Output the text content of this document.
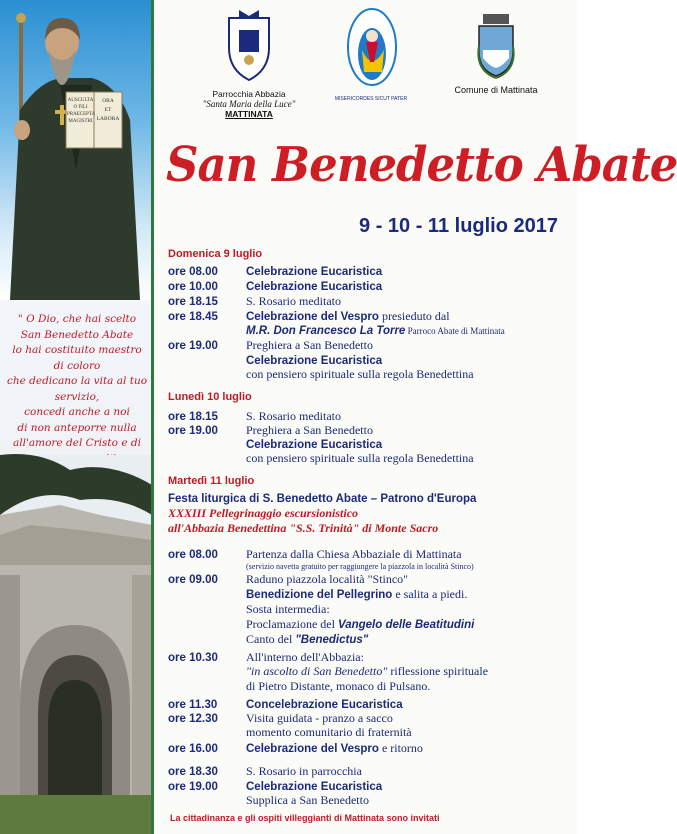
AUSCULTA
O FILI
PRAECEPTA
MAGISTRI
ORA
ET
LABORA
" O Dio, che hai scelto
San Benedetto Abate
lo hai costituito maestro di coloro
che dedicano la vita al tuo servizio,
concedi anche a noi
di non anteporre nulla
all'amore del Cristo e di
Parrocchia Abbazia
"Santa Maria della Luce"
MATTINATA
MISERICORDES SICUT PATER
Comune di Mattinata
San Benedetto Abate
9 - 10 - 11 luglio 2017
Domenica 9 luglio
ore 08.00 Celebrazione Eucaristica
ore 10.00 Celebrazione Eucaristica
ore 18.15 S. Rosario meditato
ore 18.45 Celebrazione del Vespro presieduto dal
M.R. Don Francesco La Torre Parroco Abate di Mattinata
ore 19.00 Preghiera a San Benedetto
Celebrazione Eucaristica
con pensiero spirituale sulla regola Benedettina
Lunedì 10 luglio
ore 18.15 S. Rosario meditato
ore 19.00 Preghiera a San Benedetto
Celebrazione Eucaristica
con pensiero spirituale sulla regola Benedettina
Martedì 11 luglio
Festa liturgica di S. Benedetto Abate – Patrono d'Europa
XXXIII Pellegrinaggio escursionistico
all'Abbazia Benedettina "S.S. Trinità" di Monte Sacro
ore 08.00 Partenza dalla Chiesa Abbaziale di Mattinata
(servizio navetta gratuito per raggiungere la piazzola in località Stinco)
ore 09.00 Raduno piazzola località "Stinco"
Benedizione del Pellegrino e salita a piedi.
Sosta intermedia:
Proclamazione del Vangelo delle Beatitudini
Canto del "Benedictus"
ore 10.30 All'interno dell'Abbazia:
"in ascolto di San Benedetto" riflessione spirituale
di Pietro Distante, monaco di Pulsano.
ore 11.30	Concelebrazione Eucaristica
ore 12.30 Visita guidata - pranzo a sacco
momento comunitario di fraternità
ore 16.00 Celebrazione del Vespro e ritorno
ore 18.30 S. Rosario in parrocchia
ore 19.00 Celebrazione Eucaristica
Supplica a San Benedetto
La cittadinanza e gli ospiti villeggianti di Mattinata sono invitati
